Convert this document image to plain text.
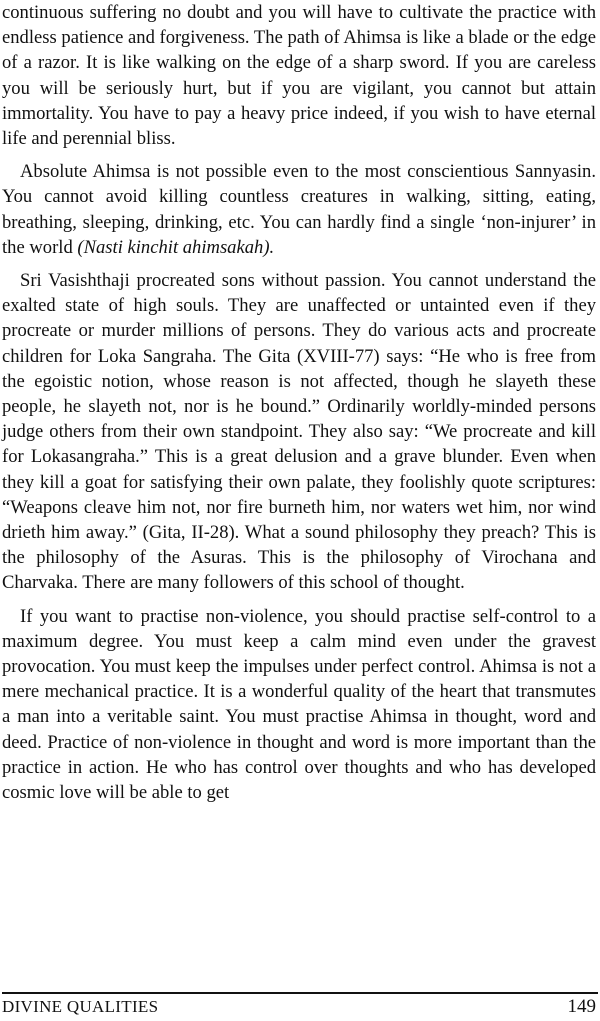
continuous suffering no doubt and you will have to cultivate the practice with endless patience and forgiveness. The path of Ahimsa is like a blade or the edge of a razor. It is like walking on the edge of a sharp sword. If you are careless you will be seriously hurt, but if you are vigilant, you cannot but attain immortality. You have to pay a heavy price indeed, if you wish to have eternal life and perennial bliss.

Absolute Ahimsa is not possible even to the most conscientious Sannyasin. You cannot avoid killing countless creatures in walking, sitting, eating, breathing, sleeping, drinking, etc. You can hardly find a single ‘non-injurer’ in the world (Nasti kinchit ahimsakah).

Sri Vasishthaji procreated sons without passion. You cannot understand the exalted state of high souls. They are unaffected or untainted even if they procreate or murder millions of persons. They do various acts and procreate children for Loka Sangraha. The Gita (XVIII-77) says: “He who is free from the egoistic notion, whose reason is not affected, though he slayeth these people, he slayeth not, nor is he bound.” Ordinarily worldly-minded persons judge others from their own standpoint. They also say: “We procreate and kill for Lokasangraha.” This is a great delusion and a grave blunder. Even when they kill a goat for satisfying their own palate, they foolishly quote scriptures: “Weapons cleave him not, nor fire burneth him, nor waters wet him, nor wind drieth him away.” (Gita, II-28). What a sound philosophy they preach? This is the philosophy of the Asuras. This is the philosophy of Virochana and Charvaka. There are many followers of this school of thought.

If you want to practise non-violence, you should practise self-control to a maximum degree. You must keep a calm mind even under the gravest provocation. You must keep the impulses under perfect control. Ahimsa is not a mere mechanical practice. It is a wonderful quality of the heart that transmutes a man into a veritable saint. You must practise Ahimsa in thought, word and deed. Practice of non-violence in thought and word is more important than the practice in action. He who has control over thoughts and who has developed cosmic love will be able to get

DIVINE QUALITIES	149
